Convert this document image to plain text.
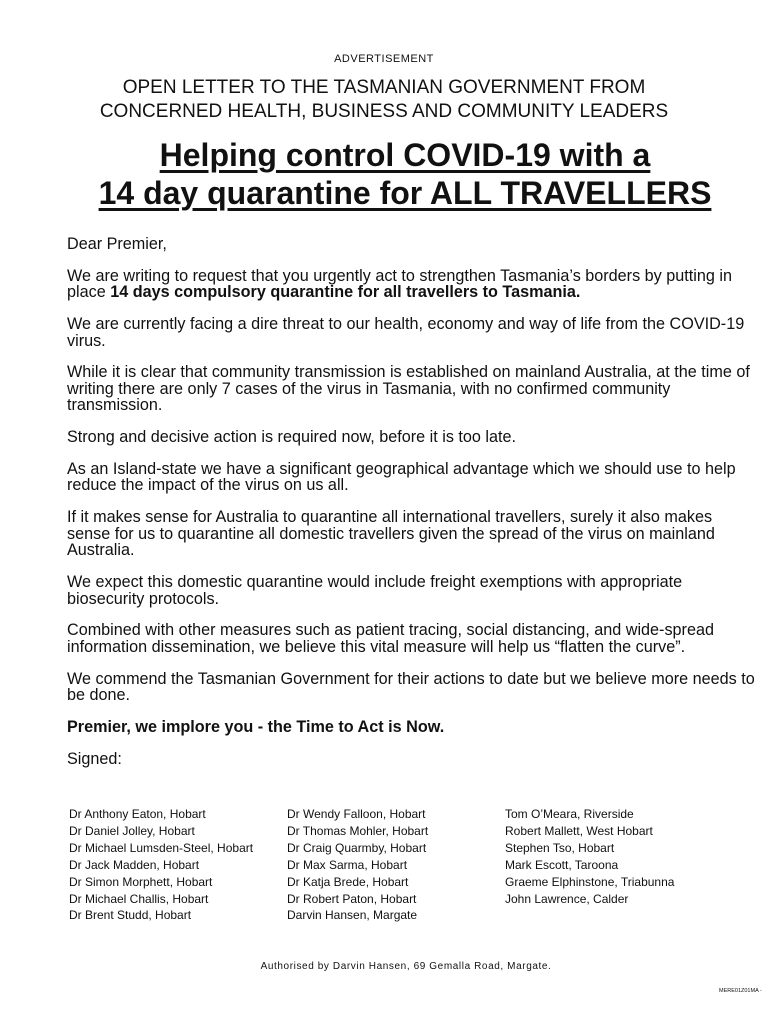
ADVERTISEMENT
OPEN LETTER TO THE TASMANIAN GOVERNMENT FROM
CONCERNED HEALTH, BUSINESS AND COMMUNITY LEADERS
Helping control COVID-19 with a
14 day quarantine for ALL TRAVELLERS

Dear Premier,

We are writing to request that you urgently act to strengthen Tasmania’s borders by putting in place 14 days compulsory quarantine for all travellers to Tasmania.

We are currently facing a dire threat to our health, economy and way of life from the COVID-19 virus.

While it is clear that community transmission is established on mainland Australia, at the time of writing there are only 7 cases of the virus in Tasmania, with no confirmed community transmission.

Strong and decisive action is required now, before it is too late.

As an Island-state we have a significant geographical advantage which we should use to help reduce the impact of the virus on us all.

If it makes sense for Australia to quarantine all international travellers, surely it also makes sense for us to quarantine all domestic travellers given the spread of the virus on mainland Australia.

We expect this domestic quarantine would include freight exemptions with appropriate biosecurity protocols.

Combined with other measures such as patient tracing, social distancing, and wide-spread information dissemination, we believe this vital measure will help us “flatten the curve”.

We commend the Tasmanian Government for their actions to date but we believe more needs to be done.

Premier, we implore you - the Time to Act is Now.

Signed:

Dr Anthony Eaton, Hobart
Dr Daniel Jolley, Hobart
Dr Michael Lumsden-Steel, Hobart
Dr Jack Madden, Hobart
Dr Simon Morphett, Hobart
Dr Michael Challis, Hobart
Dr Brent Studd, Hobart
Dr Wendy Falloon, Hobart
Dr Thomas Mohler, Hobart
Dr Craig Quarmby, Hobart
Dr Max Sarma, Hobart
Dr Katja Brede, Hobart
Dr Robert Paton, Hobart
Darvin Hansen, Margate
Tom O’Meara, Riverside
Robert Mallett, West Hobart
Stephen Tso, Hobart
Mark Escott, Taroona
Graeme Elphinstone, Triabunna
John Lawrence, Calder
Authorised by Darvin Hansen, 69 Gemalla Road, Margate.
MERE01Z01MA -
